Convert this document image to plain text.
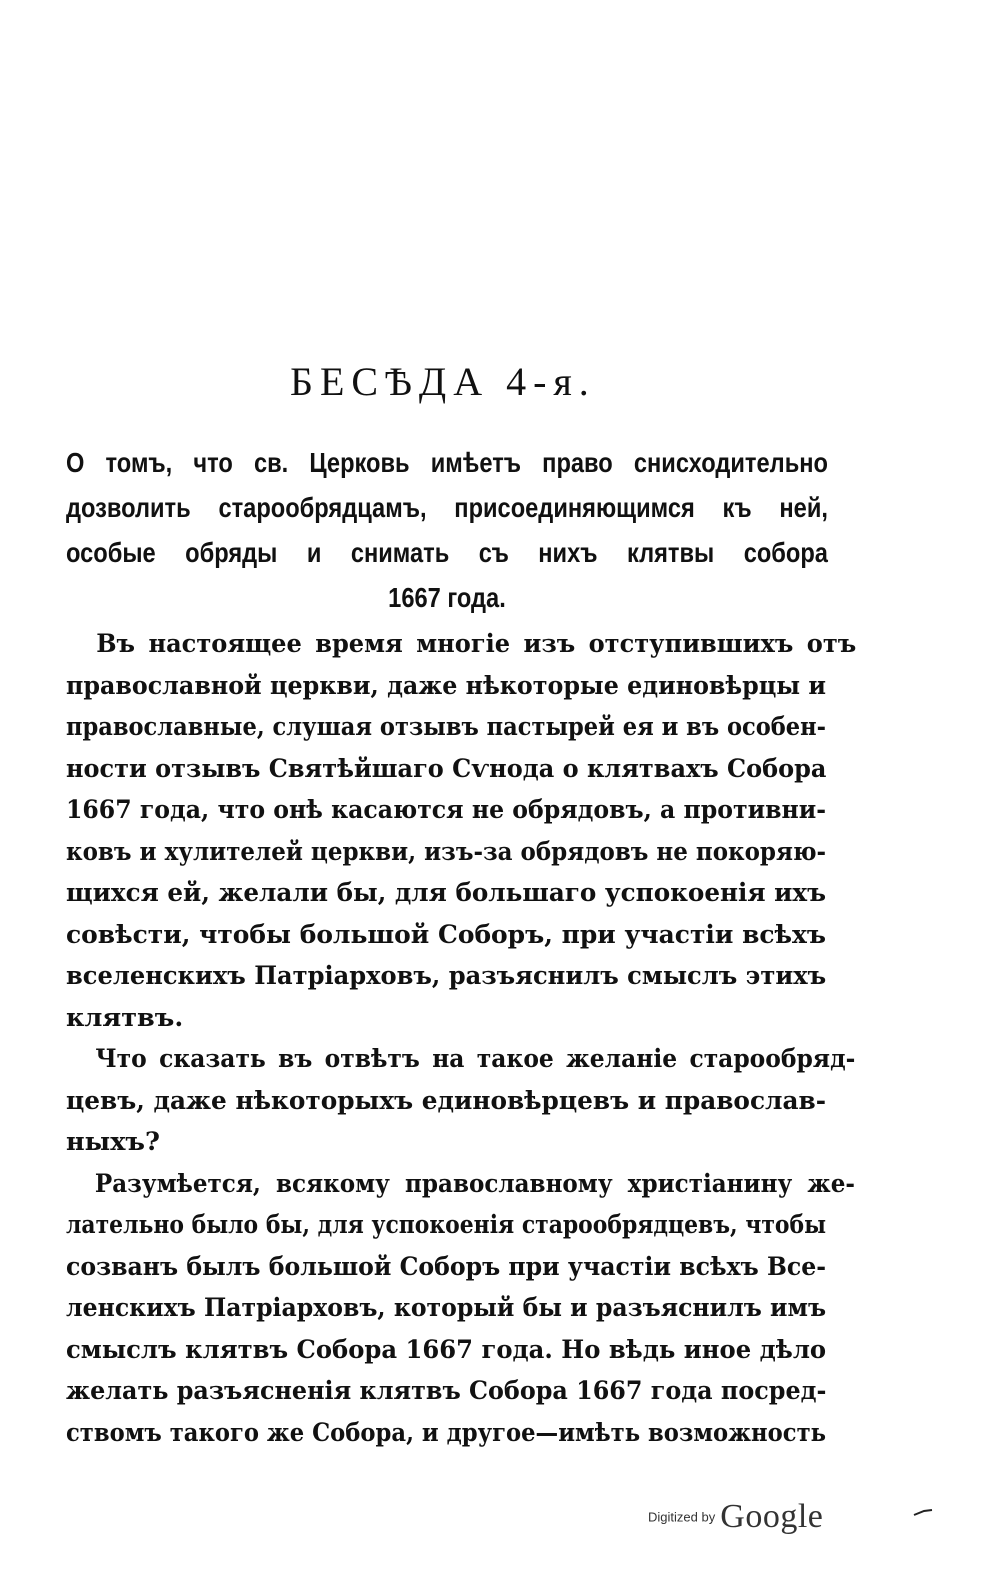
БЕСѢДА 4-я.
О томъ, что св. Церковь имѣетъ право снисходительно
дозволить старообрядцамъ, присоединяющимся къ ней,
особые обряды и снимать съ нихъ клятвы собора
1667 года.
Въ настоящее время многіе изъ отступившихъ отъ
православной церкви, даже нѣкоторые единовѣрцы и
православные, слушая отзывъ пастырей ея и въ особен-
ности отзывъ Святѣйшаго Сѵнода о клятвахъ Собора
1667 года, что онѣ касаются не обрядовъ, а противни-
ковъ и хулителей церкви, изъ-за обрядовъ не покоряю-
щихся ей, желали бы, для большаго успокоенія ихъ
совѣсти, чтобы большой Соборъ, при участіи всѣхъ
вселенскихъ Патріарховъ, разъяснилъ смыслъ этихъ
клятвъ.
Что сказать въ отвѣтъ на такое желаніе старообряд-
цевъ, даже нѣкоторыхъ единовѣрцевъ и православ-
ныхъ?
Разумѣется, всякому православному христіанину же-
лательно было бы, для успокоенія старообрядцевъ, чтобы
созванъ былъ большой Соборъ при участіи всѣхъ Все-
ленскихъ Патріарховъ, который бы и разъяснилъ имъ
смыслъ клятвъ Собора 1667 года. Но вѣдь иное дѣло
желать разъясненія клятвъ Собора 1667 года посред-
ствомъ такого же Собора, и другое—имѣть возможность
Digitized by Google
